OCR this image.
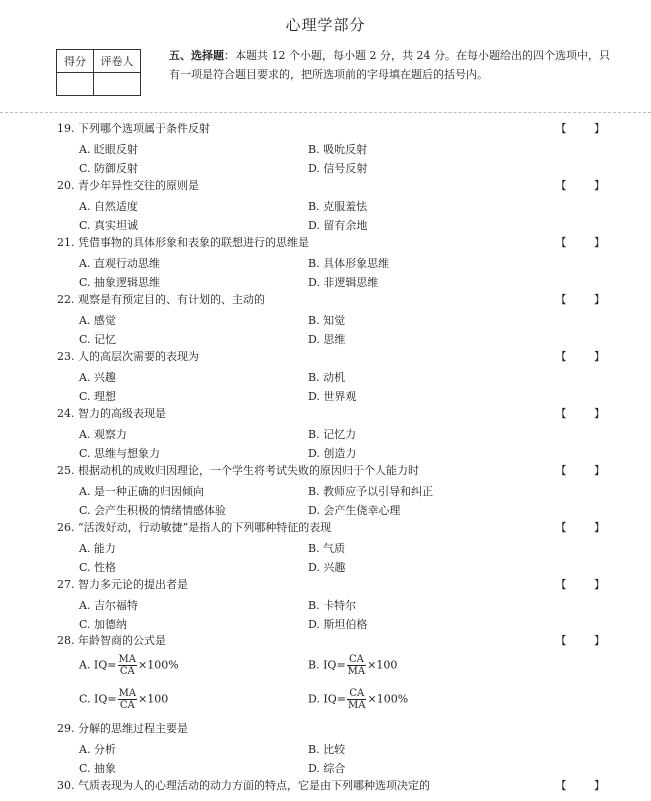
心理学部分
得分	评卷人
		五、选择题：本题共 12 个小题，每小题 2 分，共 24 分。在每小题给出的四个选项中，只有一项是符合题目要求的，把所选项前的字母填在题后的括号内。
19. 下列哪个选项属于条件反射	【 】
A. 眨眼反射	B. 吸吮反射
C. 防御反射	D. 信号反射
20. 青少年异性交往的原则是	【 】
A. 自然适度	B. 克服羞怯
C. 真实坦诚	D. 留有余地
21. 凭借事物的具体形象和表象的联想进行的思维是	【 】
A. 直观行动思维	B. 具体形象思维
C. 抽象逻辑思维	D. 非逻辑思维
22. 观察是有预定目的、有计划的、主动的	【 】
A. 感觉	B. 知觉
C. 记忆	D. 思维
23. 人的高层次需要的表现为	【 】
A. 兴趣	B. 动机
C. 理想	D. 世界观
24. 智力的高级表现是	【 】
A. 观察力	B. 记忆力
C. 思维与想象力	D. 创造力
25. 根据动机的成败归因理论，一个学生将考试失败的原因归于个人能力时	【 】
A. 是一种正确的归因倾向	B. 教师应予以引导和纠正
C. 会产生积极的情绪情感体验	D. 会产生侥幸心理
26. “活泼好动，行动敏捷”是指人的下列哪种特征的表现	【 】
A. 能力	B. 气质
C. 性格	D. 兴趣
27. 智力多元论的提出者是	【 】
A. 吉尔福特	B. 卡特尔
C. 加德纳	D. 斯坦伯格
28. 年龄智商的公式是	【 】
A. $IQ= \frac{MA}{CA} \times 100\%$	B. $IQ= \frac{CA}{MA} \times 100$
C. $IQ= \frac{MA}{CA} \times 100$	D. $IQ= \frac{CA}{MA} \times 100\%$
29. 分解的思维过程主要是
A. 分析	B. 比较
C. 抽象	D. 综合
30. 气质表现为人的心理活动的动力方面的特点，它是由下列哪种选项决定的	【 】
